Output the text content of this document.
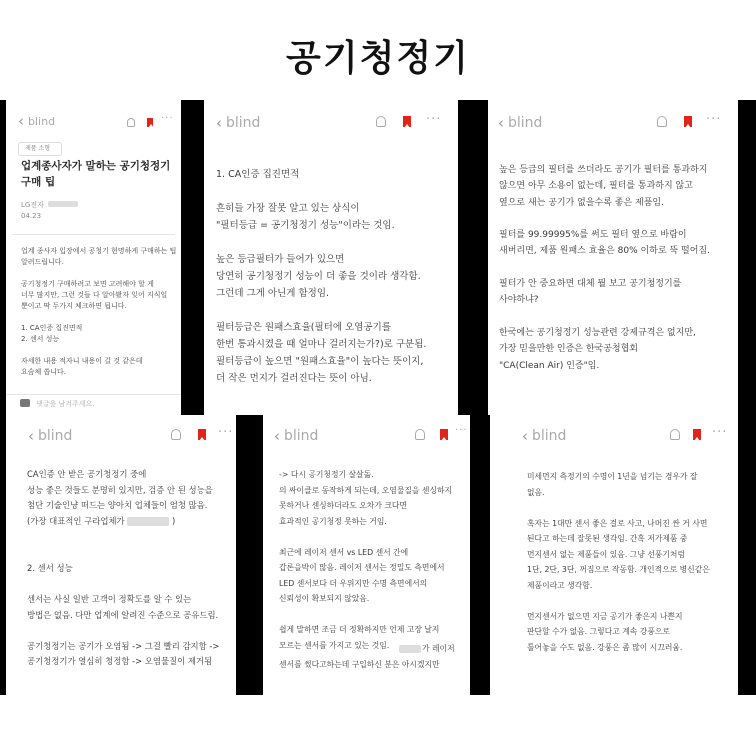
공기청정기
‹ blind	···
제품 소형
업계종사자가 말하는 공기청정기 구매 팁
LG전자
04.23
업계 종사자 입장에서 공청기 현명하게 구매하는 팁
알려드립니다.

공기청정기 구매하려고 보면 고려해야 할 게
너무 많지만, 그런 것들 다 알아봤자 잊어 지식일
뿐이고 딱 두가지 체크하면 됩니다.

1. CA인증 집진면적
2. 센서 성능

자세한 내용 적자니 내용이 길 것 같은데
요슴체 씁니다.
댓글을 남겨주세요.
‹ blind	···
1. CA인증 집진면적

흔히들 가장 잘못 알고 있는 상식이
"필터등급 = 공기청정기 성능"이라는 것임.

높은 등급필터가 들어가 있으면
당연히 공기청정기 성능이 더 좋을 것이라 생각함.
그런데 그게 아닌게 함정임.

필터등급은 원패스효율(필터에 오염공기를
한번 통과시켰을 때 얼마나 걸러지는가?)로 구분됨.
필터등급이 높으면 "원패스효율"이 높다는 뜻이지,
더 작은 먼지가 걸러진다는 뜻이 아님.
‹ blind	···
높은 등급의 필터를 쓰더라도 공기가 필터를 통과하지
않으면 아무 소용이 없는데, 필터를 통과하지 않고
옆으로 새는 공기가 없을수록 좋은 제품임.

필터를 99.99995%를 써도 필터 옆으로 바람이
새버리면, 제품 원패스 효율은 80% 이하로 뚝 떨어짐.

필터가 안 중요하면 대체 뭘 보고 공기청정기를
사야하냐?

한국에는 공기청정기 성능관련 강제규격은 없지만,
가장 믿을만한 인증은 한국공청협회
"CA(Clean Air) 인증"임.
‹ blind	···
CA인증 안 받은 공기청정기 중에
성능 좋은 것들도 분명히 있지만, 검증 안 된 성능을
첨단 기술인냥 떠드는 양아치 업체들이 엄청 많음.
(가장 대표적인 구라업체가	)
2. 센서 성능

센서는 사실 일반 고객이 정확도를 알 수 있는
방법은 없음. 다만 업계에 알려진 수준으로 공유드림.

공기청정기는 공기가 오염됨 -> 그걸 빨리 감지함 ->
공기청정기가 열심히 청정함 -> 오염물질이 제거됨
‹ blind	···
-> 다시 공기청정기 살살돎.
의 싸이클로 동작하게 되는데, 오염물질을 센싱하지
못하거나 센싱하더라도 오차가 크다면
효과적인 공기청정 못하는 거임.

최근에 레이저 센서 vs LED 센서 간에
갑론을박이 많음. 레이저 센서는 정밀도 측면에서
LED 센서보다 더 우위지만 수명 측면에서의
신뢰성이 확보되지 않았음.

쉽게 말하면 조금 더 정확하지만 언제 고장 날지
모르는 센서를 가지고 있는 것임.	가 레이저
센서를 썼다고하는데 구입하신 분은 아시겠지만
‹ blind	···
미세먼지 측정기의 수명이 1년을 넘기는 경우가 잘
없음.

혹자는 1대만 센서 좋은 걸로 사고, 나머진 싼 거 사면
된다고 하는데 잘못된 생각임. 간혹 저가제품 중
먼지센서 없는 제품들이 있음. 그냥 선풍기처럼
1단, 2단, 3단, 꺼짐으로 작동함. 개인적으로 병신같은
제품이라고 생각함.

먼지센서가 없으면 지금 공기가 좋은지 나쁜지
판단할 수가 없음. 그렇다고 계속 강풍으로
틀어놓을 수도 없음. 강풍은 좀 많이 시끄러움.
